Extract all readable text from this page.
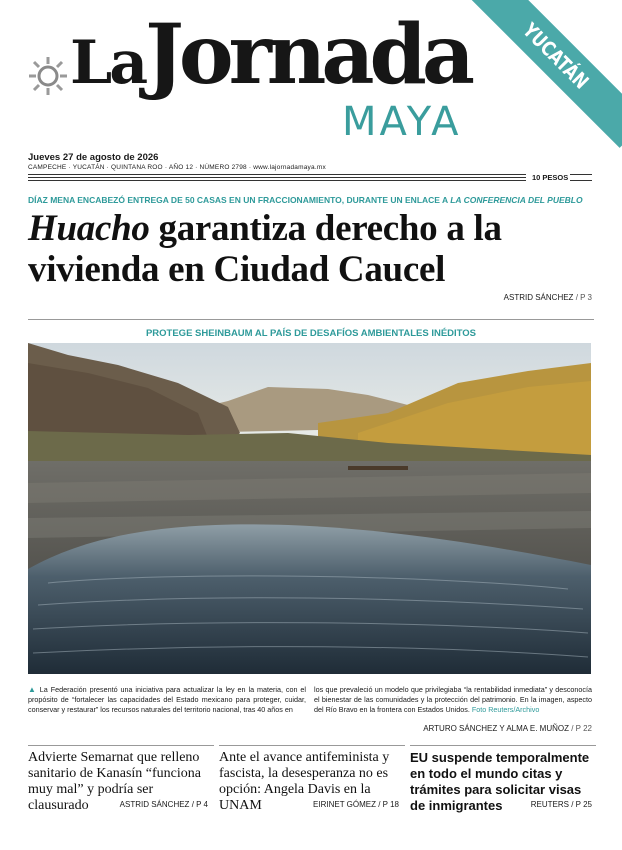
LaJornada
MAYA
YUCATÁN
Jueves 27 de agosto de 2026
CAMPECHE · YUCATÁN · QUINTANA ROO · AÑO 12 · NÚMERO 2798 · www.lajornadamaya.mx
10 PESOS
DÍAZ MENA ENCABEZÓ ENTREGA DE 50 CASAS EN UN FRACCIONAMIENTO, DURANTE UN ENLACE A LA CONFERENCIA DEL PUEBLO
Huacho garantiza derecho a la vivienda en Ciudad Caucel
ASTRID SÁNCHEZ / P 3
PROTEGE SHEINBAUM AL PAÍS DE DESAFÍOS AMBIENTALES INÉDITOS
▲ La Federación presentó una iniciativa para actualizar la ley en la materia, con el propósito de “fortalecer las capacidades del Estado mexicano para proteger, cuidar, conservar y restaurar” los recursos naturales del territorio nacional, tras 40 años en
los que prevaleció un modelo que privilegiaba “la rentabilidad inmediata” y desconocía el bienestar de las comunidades y la protección del patrimonio. En la imagen, aspecto del Río Bravo en la frontera con Estados Unidos. Foto Reuters/Archivo
ARTURO SÁNCHEZ Y ALMA E. MUÑOZ / P 22
Advierte Semarnat que relleno sanitario de Kanasín “funciona muy mal” y podría ser clausurado	ASTRID SÁNCHEZ / P 4
Ante el avance antifeminista y fascista, la desesperanza no es opción: Angela Davis en la UNAM	EIRINET GÓMEZ / P 18
EU suspende temporalmente en todo el mundo citas y trámites para solicitar visas de inmigrantes	REUTERS / P 25
